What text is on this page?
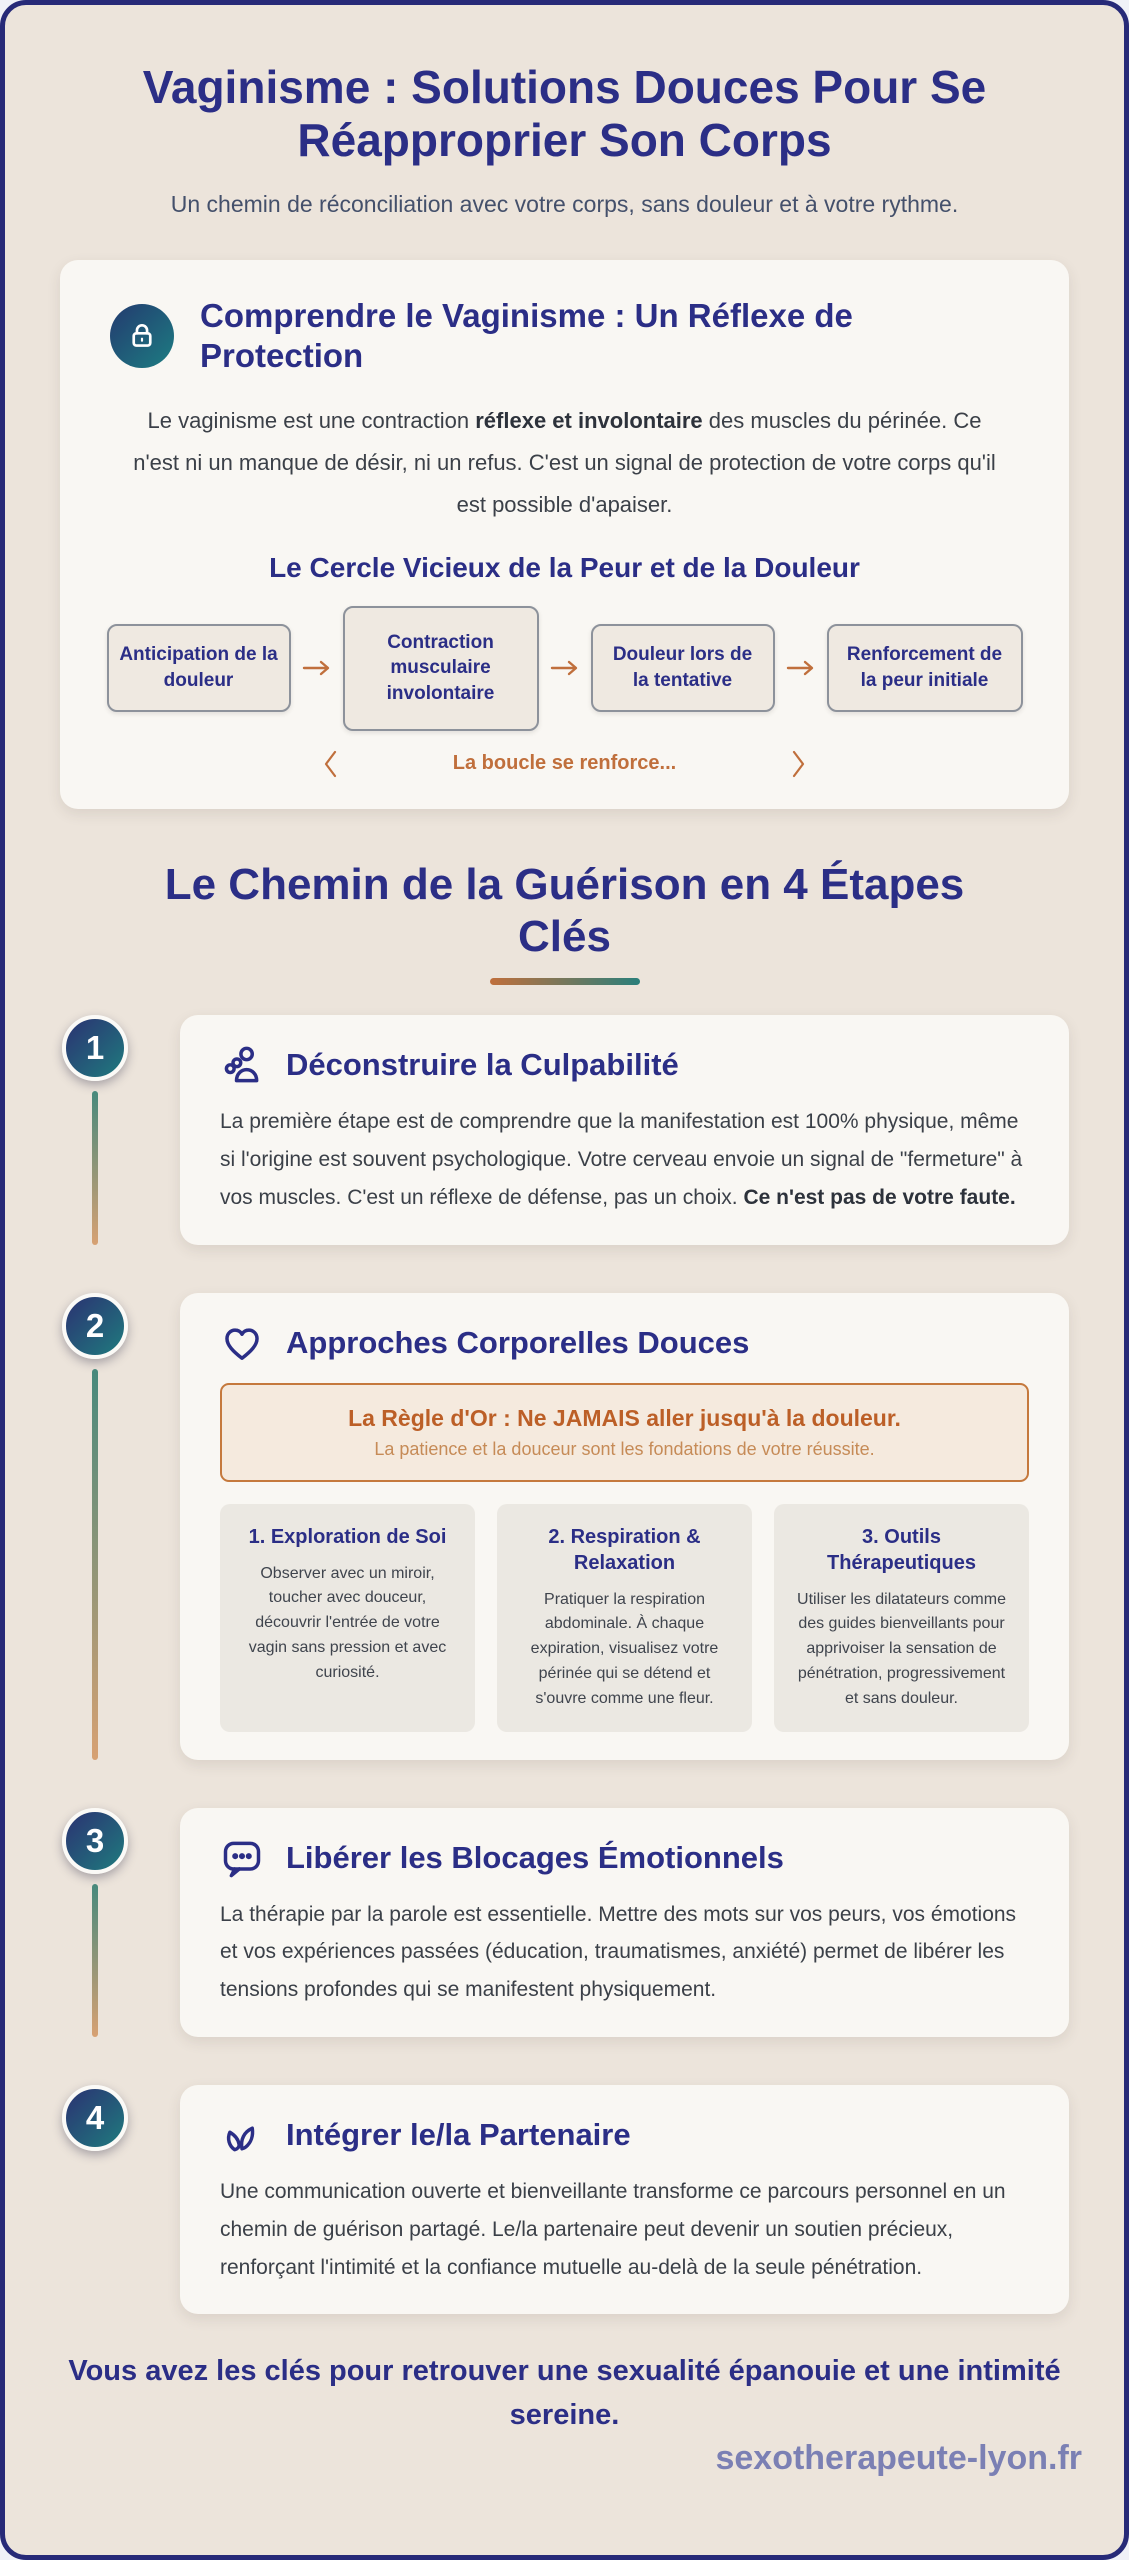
Vaginisme : Solutions Douces Pour Se Réapproprier Son Corps

Un chemin de réconciliation avec votre corps, sans douleur et à votre rythme.

Comprendre le Vaginisme : Un Réflexe de Protection

Le vaginisme est une contraction réflexe et involontaire des muscles du périnée. Ce n'est ni un manque de désir, ni un refus. C'est un signal de protection de votre corps qu'il est possible d'apaiser.

Le Cercle Vicieux de la Peur et de la Douleur
Anticipation de la douleur
Contraction musculaire involontaire
Douleur lors de la tentative
Renforcement de la peur initiale
La boucle se renforce...
Le Chemin de la Guérison en 4 Étapes Clés
1	Déconstruire la Culpabilité

La première étape est de comprendre que la manifestation est 100% physique, même si l'origine est souvent psychologique. Votre cerveau envoie un signal de "fermeture" à vos muscles. C'est un réflexe de défense, pas un choix. Ce n'est pas de votre faute.

2	Approches Corporelles Douces

La Règle d'Or : Ne JAMAIS aller jusqu'à la douleur.

La patience et la douceur sont les fondations de votre réussite.

1. Exploration de Soi

Observer avec un miroir, toucher avec douceur, découvrir l'entrée de votre vagin sans pression et avec curiosité.

2. Respiration & Relaxation

Pratiquer la respiration abdominale. À chaque expiration, visualisez votre périnée qui se détend et s'ouvre comme une fleur.

3. Outils Thérapeutiques

Utiliser les dilatateurs comme des guides bienveillants pour apprivoiser la sensation de pénétration, progressivement et sans douleur.

3	Libérer les Blocages Émotionnels

La thérapie par la parole est essentielle. Mettre des mots sur vos peurs, vos émotions et vos expériences passées (éducation, traumatismes, anxiété) permet de libérer les tensions profondes qui se manifestent physiquement.

4	Intégrer le/la Partenaire

Une communication ouverte et bienveillante transforme ce parcours personnel en un chemin de guérison partagé. Le/la partenaire peut devenir un soutien précieux, renforçant l'intimité et la confiance mutuelle au-delà de la seule pénétration.

Vous avez les clés pour retrouver une sexualité épanouie et une intimité sereine.

sexotherapeute-lyon.fr
